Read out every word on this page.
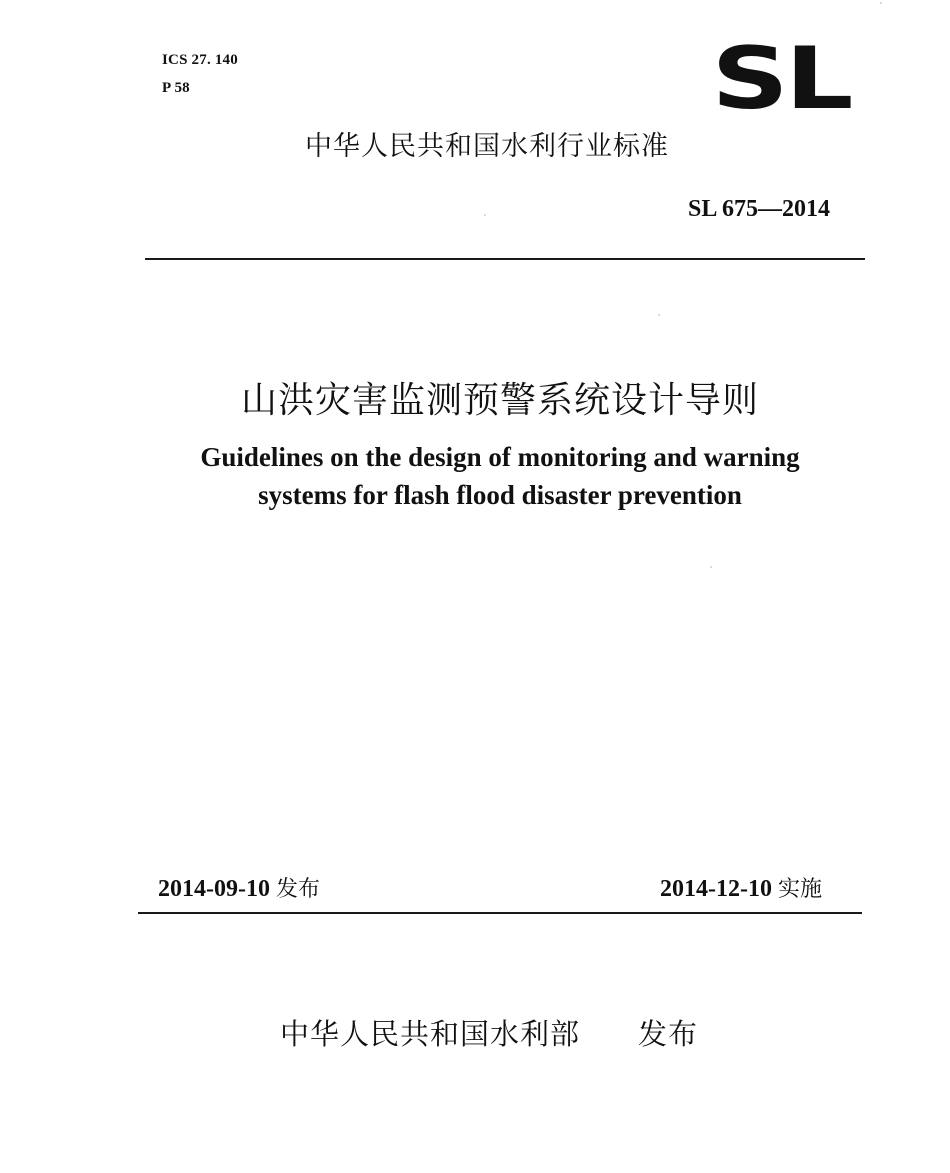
ICS 27. 140
P 58	SL
中华人民共和国水利行业标准
SL 675—2014
山洪灾害监测预警系统设计导则
Guidelines on the design of monitoring and warning
systems for flash flood disaster prevention
2014-09-10 发布	2014-12-10 实施
中华人民共和国水利部 发布
